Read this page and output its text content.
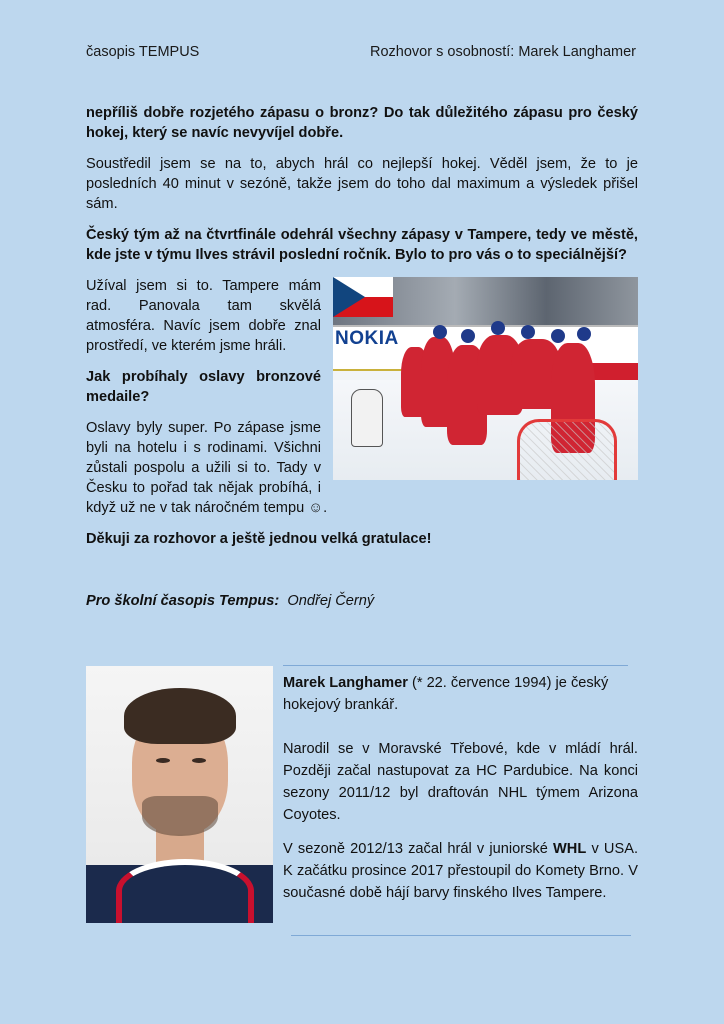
časopis TEMPUS	Rozhovor s osobností: Marek Langhamer

nepříliš dobře rozjetého zápasu o bronz? Do tak důležitého zápasu pro český hokej, který se navíc nevyvíjel dobře.

Soustředil jsem se na to, abych hrál co nejlepší hokej. Věděl jsem, že to je posledních 40 minut v sezóně, takže jsem do toho dal maximum a výsledek přišel sám.

Český tým až na čtvrtfinále odehrál všechny zápasy v Tampere, tedy ve městě, kde jste v týmu Ilves strávil poslední ročník. Bylo to pro vás o to speciálnější?

NOKIA

Užíval jsem si to. Tampere mám rad. Panovala tam skvělá atmosféra. Navíc jsem dobře znal prostředí, ve kterém jsme hráli.

Jak probíhaly oslavy bronzové medaile?

Oslavy byly super. Po zápase jsme byli na hotelu i s rodinami. Všichni zůstali pospolu a užili si to. Tady v Česku to pořad tak nějak probíhá, i když už ne v tak náročném tempu ☺.

Děkuji za rozhovor a ještě jednou velká gratulace!

Pro školní časopis Tempus: Ondřej Černý

Marek Langhamer (* 22. července 1994) je český hokejový brankář.

Narodil se v Moravské Třebové, kde v mládí hrál. Později začal nastupovat za HC Pardubice. Na konci sezony 2011/12 byl draftován NHL týmem Arizona Coyotes.

V sezoně 2012/13 začal hrál v juniorské WHL v USA. K začátku prosince 2017 přestoupil do Komety Brno. V současné době hájí barvy finského Ilves Tampere.
